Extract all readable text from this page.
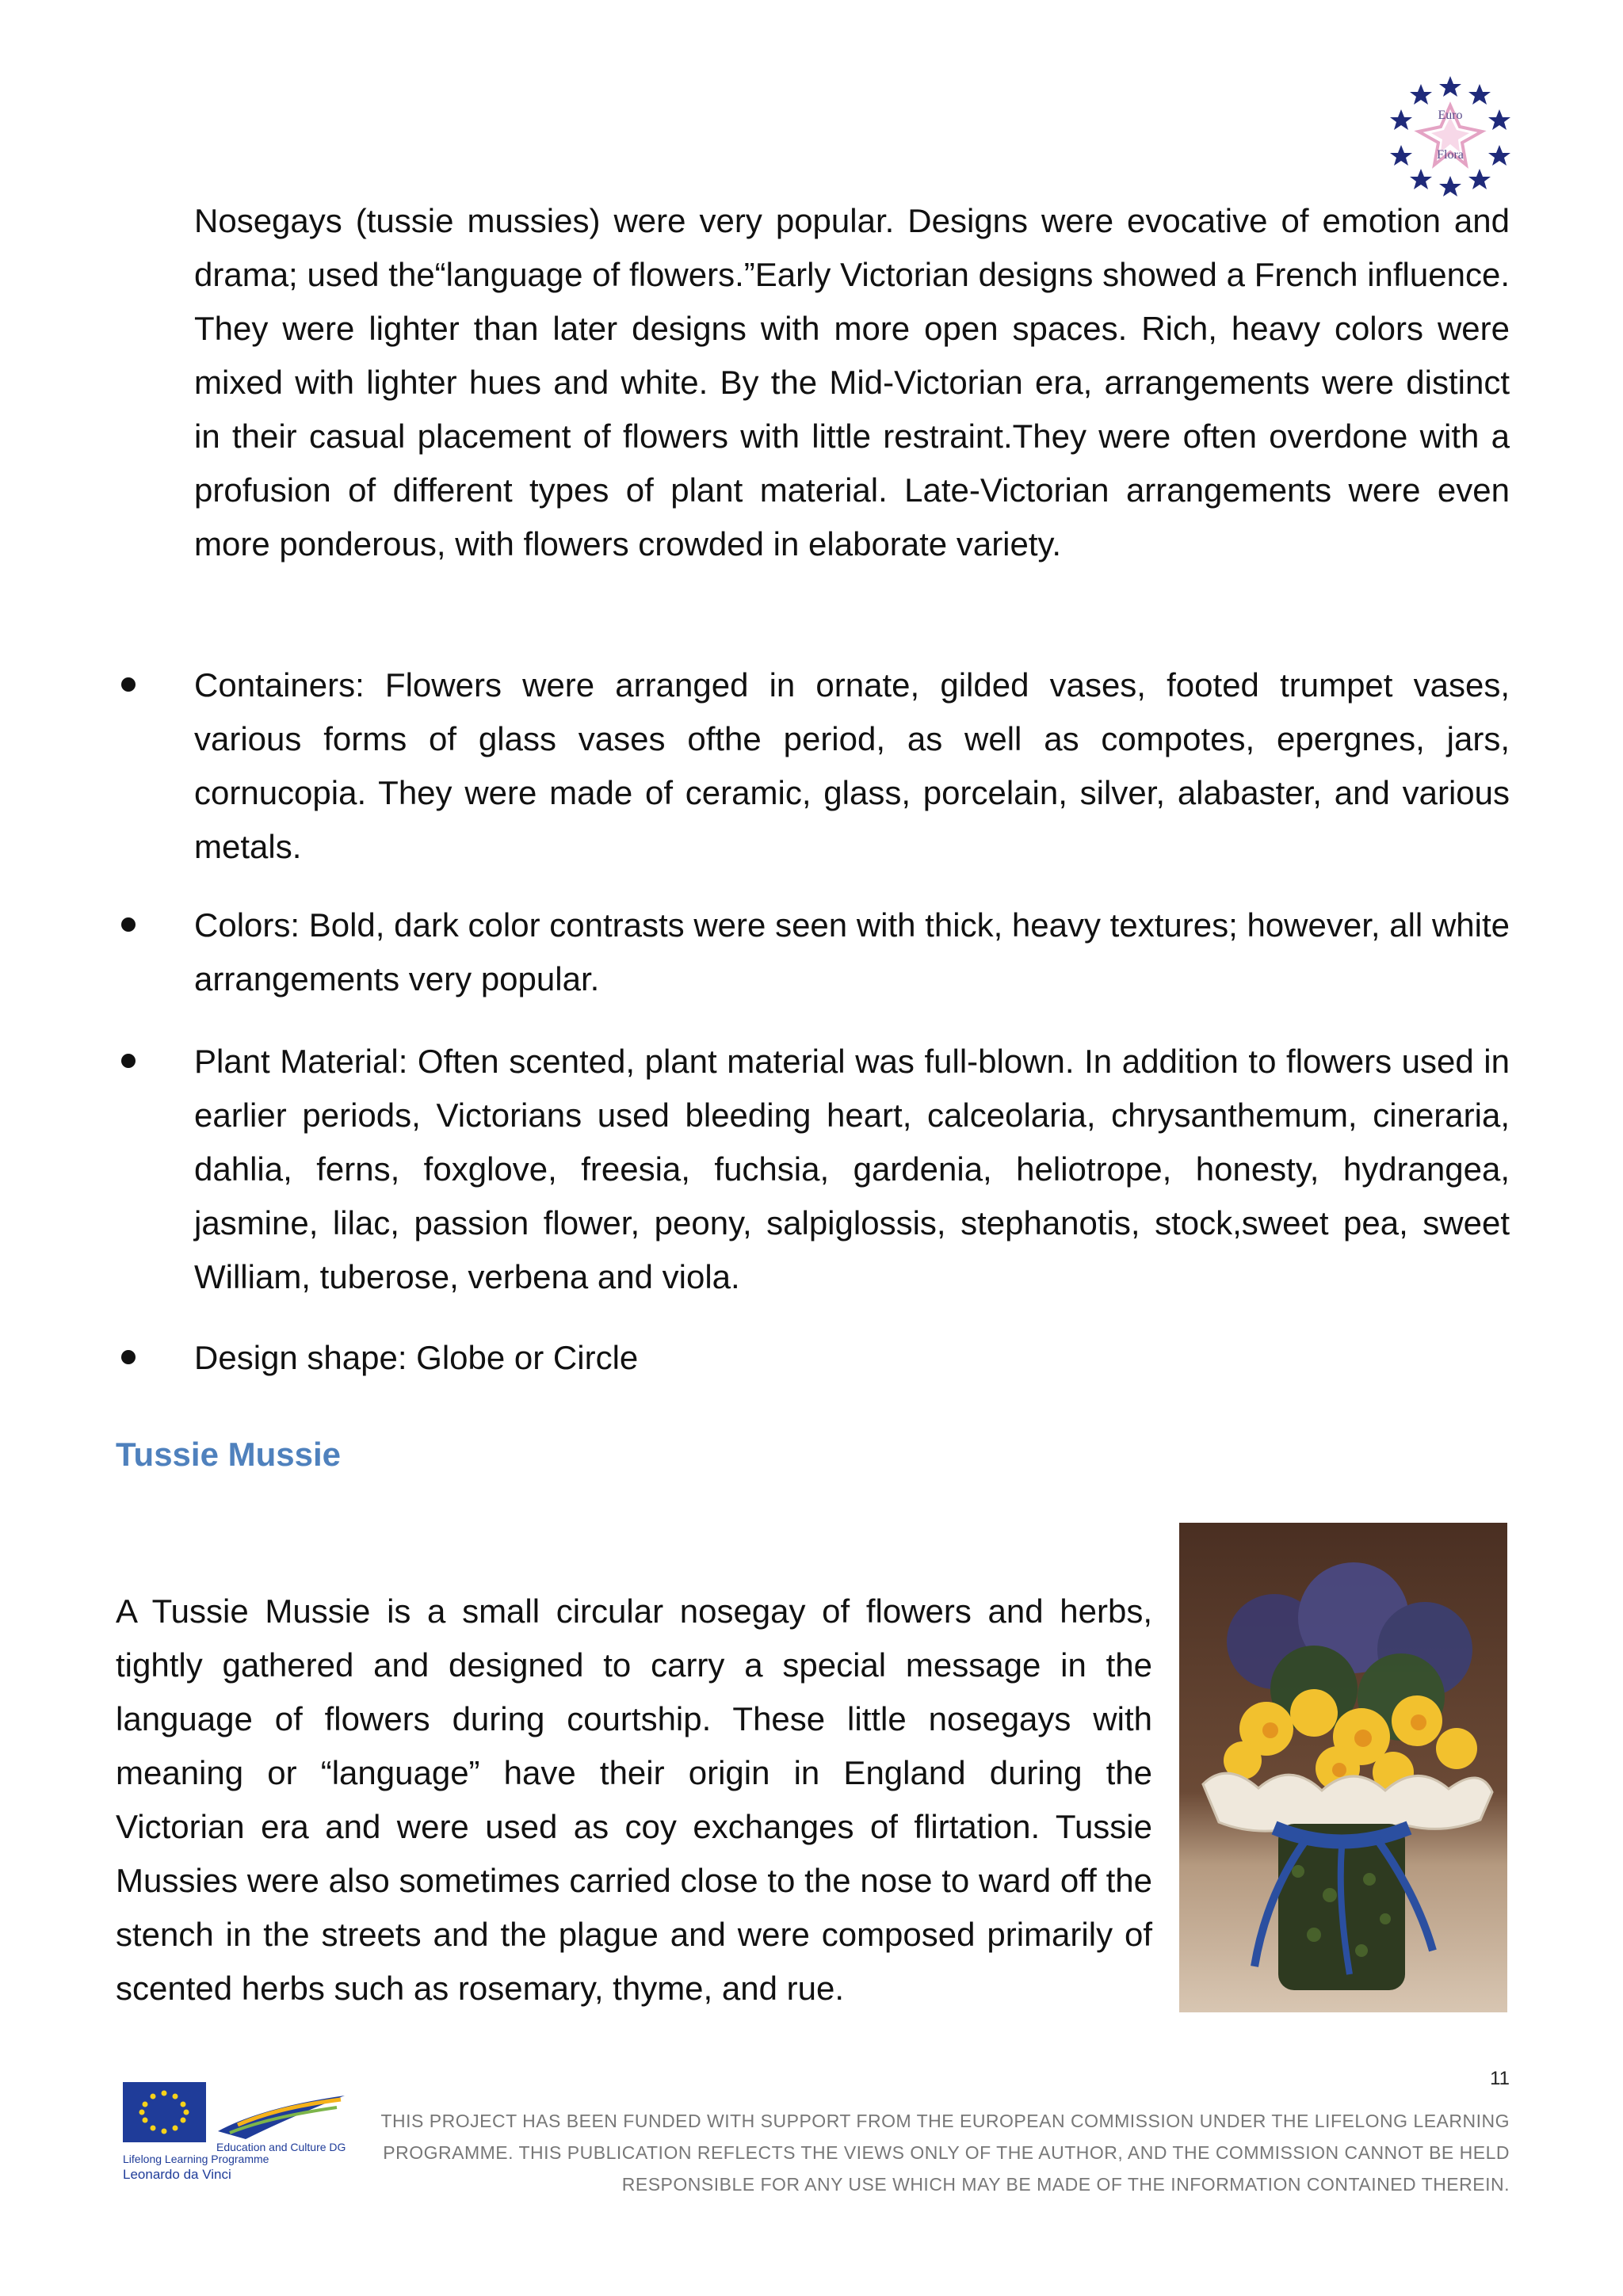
Euro
Flora

Nosegays (tussie mussies) were very popular. Designs were evocative of emotion and drama; used the“language of flowers.”Early Victorian designs showed a French influence. They were lighter than later designs with more open spaces. Rich, heavy colors were mixed with lighter hues and white. By the Mid-Victorian era, arrangements were distinct in their casual placement of flowers with little restraint.They were often overdone with a profusion of different types of plant material. Late-Victorian arrangements were even more ponderous, with flowers crowded in elaborate variety.

Containers: Flowers were arranged in ornate, gilded vases, footed trumpet vases, various forms of glass vases ofthe period, as well as compotes, epergnes, jars, cornucopia. They were made of ceramic, glass, porcelain, silver, alabaster, and various metals.
Colors: Bold, dark color contrasts were seen with thick, heavy textures; however, all white arrangements very popular.
Plant Material: Often scented, plant material was full-blown. In addition to flowers used in earlier periods, Victorians used bleeding heart, calceolaria, chrysanthemum, cineraria, dahlia, ferns, foxglove, freesia, fuchsia, gardenia, heliotrope, honesty, hydrangea, jasmine, lilac, passion flower, peony, salpiglossis, stephanotis, stock,sweet pea, sweet William, tuberose, verbena and viola.
Design shape: Globe or Circle
Tussie Mussie

A Tussie Mussie is a small circular nosegay of flowers and herbs, tightly gathered and designed to carry a special message in the language of flowers during courtship. These little nosegays with meaning or “language” have their origin in England during the Victorian era and were used as coy exchanges of flirtation. Tussie Mussies were also sometimes carried close to the nose to ward off the stench in the streets and the plague and were composed primarily of scented herbs such as rosemary, thyme, and rue.

11
Education and Culture DG
Lifelong Learning Programme
Leonardo da Vinci
THIS PROJECT HAS BEEN FUNDED WITH SUPPORT FROM THE EUROPEAN COMMISSION UNDER THE LIFELONG LEARNING
PROGRAMME. THIS PUBLICATION REFLECTS THE VIEWS ONLY OF THE AUTHOR, AND THE COMMISSION CANNOT BE HELD
RESPONSIBLE FOR ANY USE WHICH MAY BE MADE OF THE INFORMATION CONTAINED THEREIN.
